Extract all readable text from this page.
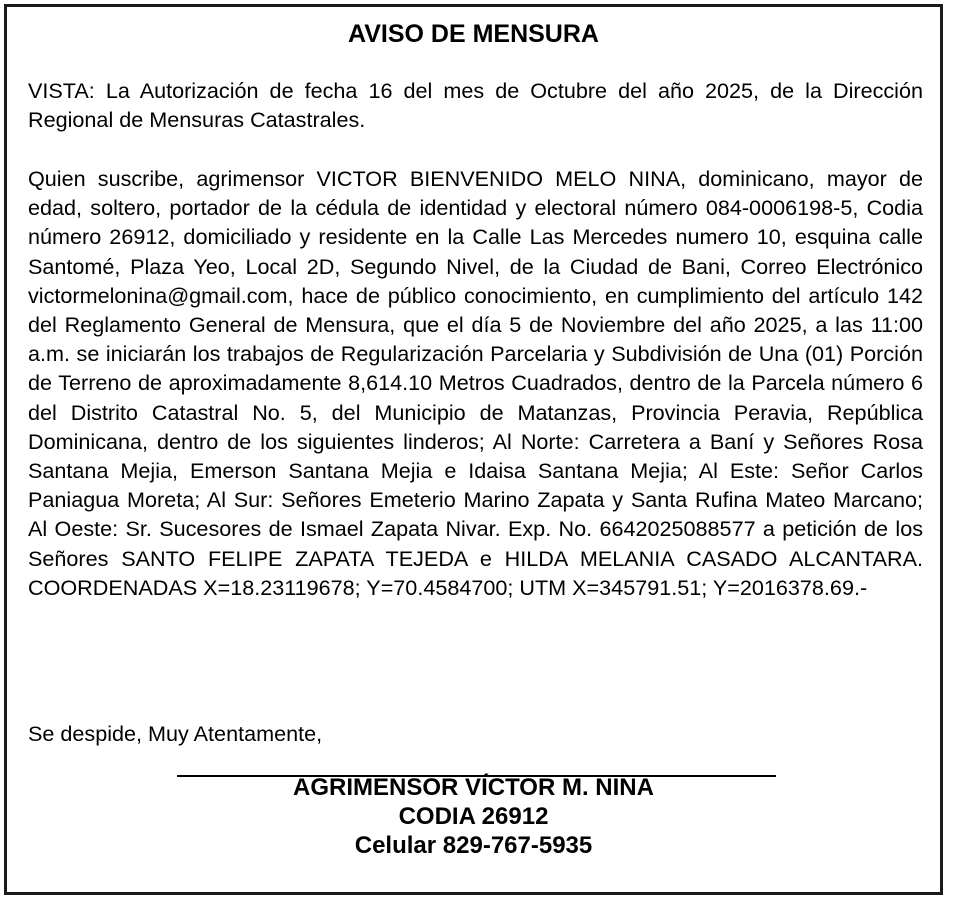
AVISO DE MENSURA
VISTA: La Autorización de fecha 16 del mes de Octubre del año 2025, de la Dirección Regional de Mensuras Catastrales.
Quien suscribe, agrimensor VICTOR BIENVENIDO MELO NINA, dominicano, mayor de edad, soltero, portador de la cédula de identidad y electoral número 084-0006198-5, Codia número 26912, domiciliado y residente en la Calle Las Mercedes numero 10, esquina calle Santomé, Plaza Yeo, Local 2D, Segundo Nivel, de la Ciudad de Bani, Correo Electrónico victormelonina@gmail.com, hace de público conocimiento, en cumplimiento del artículo 142 del Reglamento General de Mensura, que el día 5 de Noviembre del año 2025, a las 11:00 a.m. se iniciarán los trabajos de Regularización Parcelaria y Subdivisión de Una (01) Porción de Terreno de aproximadamente 8,614.10 Metros Cuadrados, dentro de la Parcela número 6 del Distrito Catastral No. 5, del Municipio de Matanzas, Provincia Peravia, República Dominicana, dentro de los siguientes linderos; Al Norte: Carretera a Baní y Señores Rosa Santana Mejia, Emerson Santana Mejia e Idaisa Santana Mejia; Al Este: Señor Carlos Paniagua Moreta; Al Sur: Señores Emeterio Marino Zapata y Santa Rufina Mateo Marcano; Al Oeste: Sr. Sucesores de Ismael Zapata Nivar. Exp. No. 6642025088577 a petición de los Señores SANTO FELIPE ZAPATA TEJEDA e HILDA MELANIA CASADO ALCANTARA. COORDENADAS X=18.23119678; Y=70.4584700; UTM X=345791.51; Y=2016378.69.-
Se despide, Muy Atentamente,
AGRIMENSOR VÍCTOR M. NINA
CODIA 26912
Celular 829-767-5935
